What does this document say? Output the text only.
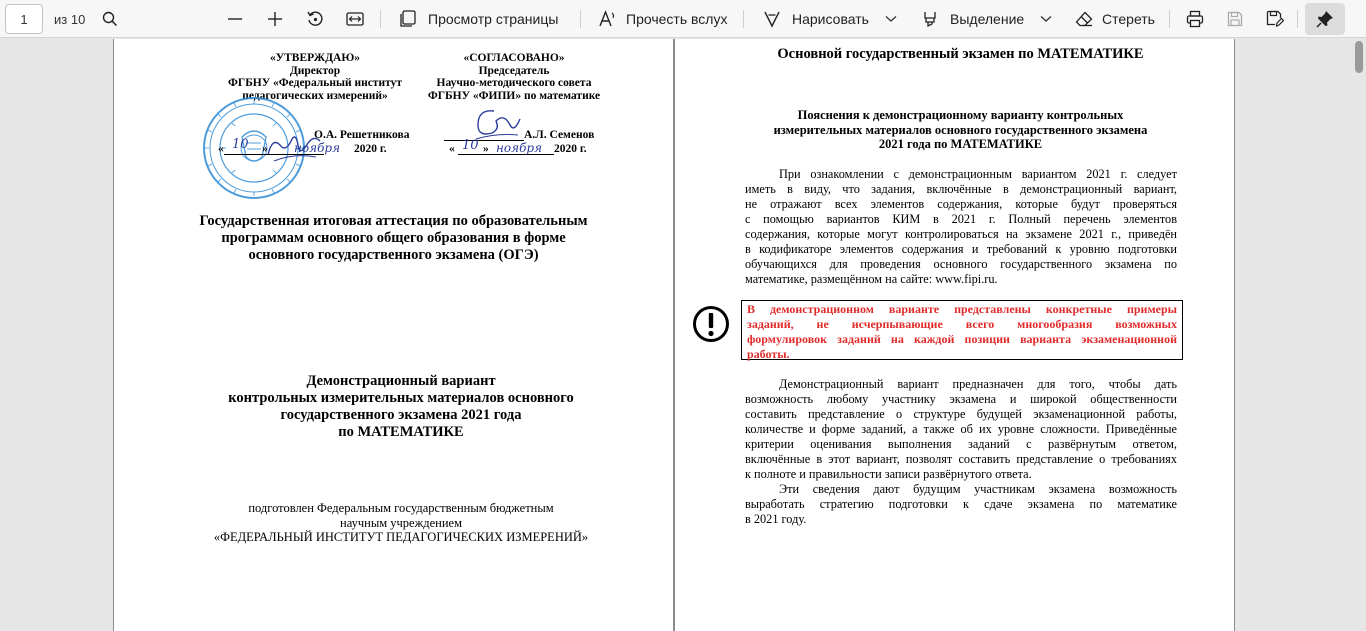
1	из 10	Просмотр страницы	Прочесть вслух	Нарисовать	Выделение	Стереть
«УТВЕРЖДАЮ»
Директор
ФГБНУ «Федеральный институт
педагогических измерений»
О.А. Решетникова
« 10 » ноября 2020 г.
«СОГЛАСОВАНО»
Председатель
Научно-методического совета
ФГБНУ «ФИПИ» по математике
А.Л. Семенов
« 10 » ноября 2020 г.
Государственная итоговая аттестация по образовательным
программам основного общего образования в форме
основного государственного экзамена (ОГЭ)
Демонстрационный вариант
контрольных измерительных материалов основного
государственного экзамена 2021 года
по МАТЕМАТИКЕ
подготовлен Федеральным государственным бюджетным
научным учреждением
«ФЕДЕРАЛЬНЫЙ ИНСТИТУТ ПЕДАГОГИЧЕСКИХ ИЗМЕРЕНИЙ»
Основной государственный экзамен по МАТЕМАТИКЕ
Пояснения к демонстрационному варианту контрольных
измерительных материалов основного государственного экзамена
2021 года по МАТЕМАТИКЕ
При ознакомлении с демонстрационным вариантом 2021 г. следует
иметь в виду, что задания, включённые в демонстрационный вариант,
не отражают всех элементов содержания, которые будут проверяться
с помощью вариантов КИМ в 2021 г. Полный перечень элементов
содержания, которые могут контролироваться на экзамене 2021 г., приведён
в кодификаторе элементов содержания и требований к уровню подготовки
обучающихся для проведения основного государственного экзамена по
математике, размещённом на сайте: www.fipi.ru.
В демонстрационном варианте представлены конкретные примеры
заданий, не исчерпывающие всего многообразия возможных
формулировок заданий на каждой позиции варианта экзаменационной
работы.
Демонстрационный вариант предназначен для того, чтобы дать
возможность любому участнику экзамена и широкой общественности
составить представление о структуре будущей экзаменационной работы,
количестве и форме заданий, а также об их уровне сложности. Приведённые
критерии оценивания выполнения заданий с развёрнутым ответом,
включённые в этот вариант, позволят составить представление о требованиях
к полноте и правильности записи развёрнутого ответа.
Эти сведения дают будущим участникам экзамена возможность
выработать стратегию подготовки к сдаче экзамена по математике
в 2021 году.
